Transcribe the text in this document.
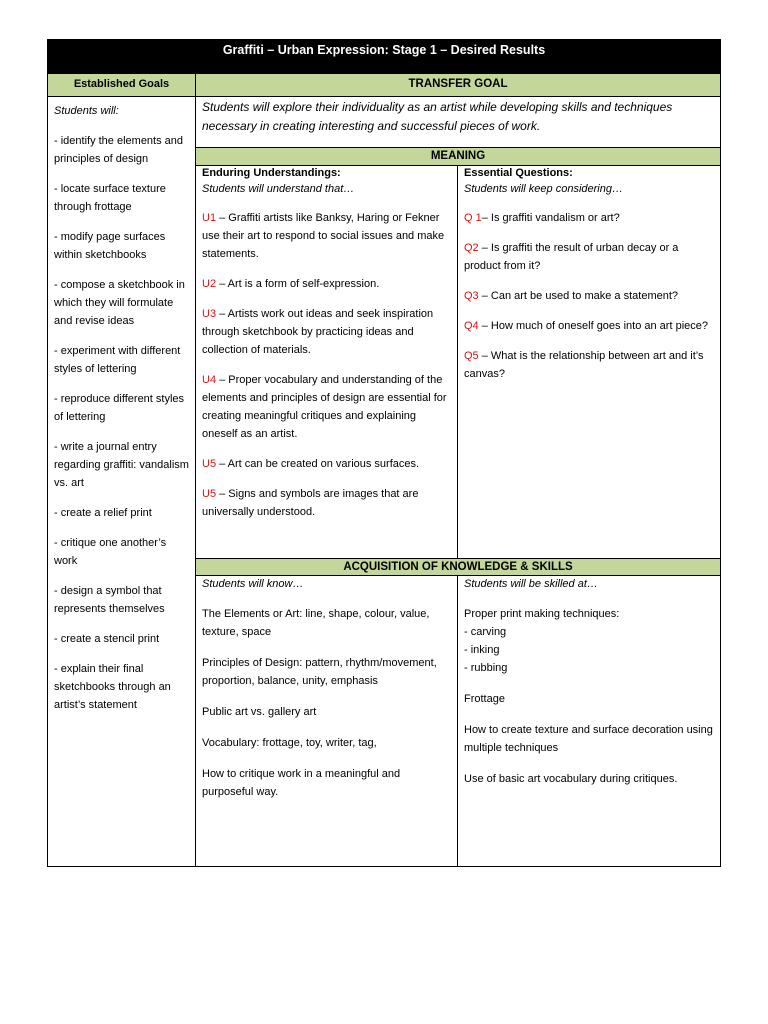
Graffiti – Urban Expression: Stage 1 – Desired Results
Established Goals
Students will:
- identify the elements and principles of design
- locate surface texture through frottage
- modify page surfaces within sketchbooks
- compose a sketchbook in which they will formulate and revise ideas
- experiment with different styles of lettering
- reproduce different styles of lettering
- write a journal entry regarding graffiti: vandalism vs. art
- create a relief print
- critique one another’s work
- design a symbol that represents themselves
- create a stencil print
- explain their final sketchbooks through an artist’s statement
TRANSFER GOAL
Students will explore their individuality as an artist while developing skills and techniques necessary in creating interesting and successful pieces of work.
MEANING
Enduring Understandings:
Students will understand that…
U1 – Graffiti artists like Banksy, Haring or Fekner use their art to respond to social issues and make statements.
U2 – Art is a form of self-expression.
U3 – Artists work out ideas and seek inspiration through sketchbook by practicing ideas and collection of materials.
U4 – Proper vocabulary and understanding of the elements and principles of design are essential for creating meaningful critiques and explaining oneself as an artist.
U5 – Art can be created on various surfaces.
U5 – Signs and symbols are images that are universally understood.
Essential Questions:
Students will keep considering…
Q 1– Is graffiti vandalism or art?
Q2 – Is graffiti the result of urban decay or a product from it?
Q3 – Can art be used to make a statement?
Q4 – How much of oneself goes into an art piece?
Q5 – What is the relationship between art and it’s canvas?
ACQUISITION OF KNOWLEDGE & SKILLS
Students will know…
The Elements or Art: line, shape, colour, value, texture, space
Principles of Design: pattern, rhythm/movement, proportion, balance, unity, emphasis
Public art vs. gallery art
Vocabulary: frottage, toy, writer, tag,
How to critique work in a meaningful and purposeful way.
Students will be skilled at…
Proper print making techniques:
- carving
- inking
- rubbing
Frottage
How to create texture and surface decoration using multiple techniques
Use of basic art vocabulary during critiques.
